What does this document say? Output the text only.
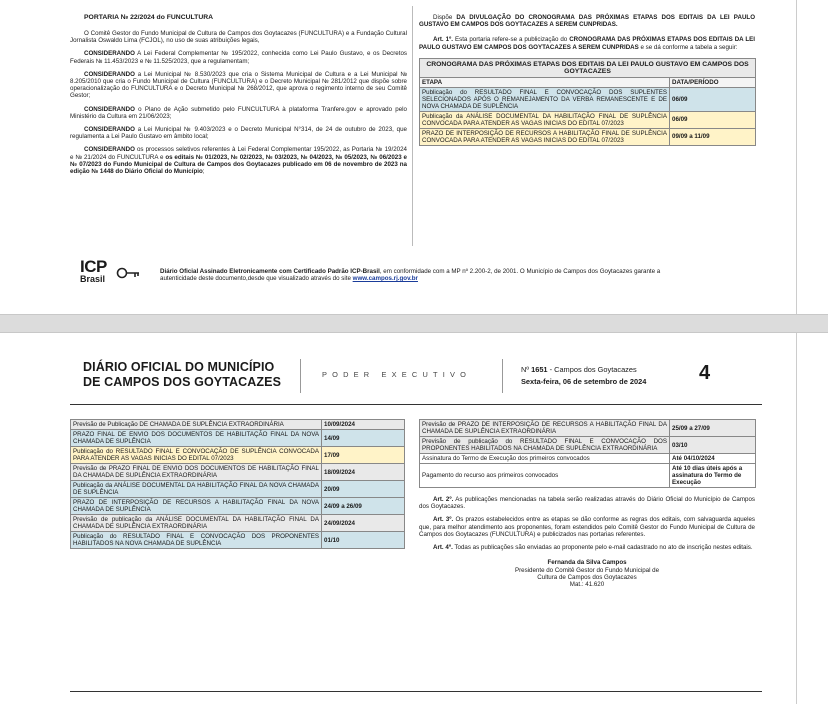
PORTARIA № 22/2024 do FUNCULTURA

O Comitê Gestor do Fundo Municipal de Cultura de Campos dos Goytacazes (FUNCULTURA) e a Fundação Cultural Jornalista Oswaldo Lima (FCJOL), no uso de suas atribuições legais,

CONSIDERANDO A Lei Federal Complementar № 195/2022, conhecida como Lei Paulo Gustavo, e os Decretos Federais № 11.453/2023 e № 11.525/2023, que a regulamentam;

CONSIDERANDO a Lei Municipal № 8.530/2023 que cria o Sistema Municipal de Cultura e a Lei Municipal № 8.205/2010 que cria o Fundo Municipal de Cultura (FUNCULTURA) e o Decreto Municipal № 281/2012 que dispõe sobre operacionalização do FUNCULTURA e o Decreto Municipal № 268/2012, que aprova o regimento interno de seu Comitê Gestor;

CONSIDERANDO o Plano de Ação submetido pelo FUNCULTURA à plataforma Tranfere.gov e aprovado pelo Ministério da Cultura em 21/06/2023;

CONSIDERANDO a Lei Municipal № 9.403/2023 e o Decreto Municipal N°314, de 24 de outubro de 2023, que regulamenta a Lei Paulo Gustavo em âmbito local;

CONSIDERANDO os processos seletivos referentes à Lei Federal Complementar 195/2022, as Portaria № 19/2024 e № 21/2024 do FUNCULTURA e os editais № 01/2023, № 02/2023, № 03/2023, № 04/2023, № 05/2023, № 06/2023 e № 07/2023 do Fundo Municipal de Cultura de Campos dos Goytacazes publicado em 06 de novembro de 2023 na edição № 1448 do Diário Oficial do Município;

Dispõe DA DIVULGAÇÃO DO CRONOGRAMA DAS PRÓXIMAS ETAPAS DOS EDITAIS DA LEI PAULO GUSTAVO EM CAMPOS DOS GOYTACAZES A SEREM CUNPRIDAS.

Art. 1º. Esta portaria refere-se a publicização do CRONOGRAMA DAS PRÓXIMAS ETAPAS DOS EDITAIS DA LEI PAULO GUSTAVO EM CAMPOS DOS GOYTACAZES A SEREM CUNPRIDAS e se dá conforme a tabela a seguir:

CRONOGRAMA DAS PRÓXIMAS ETAPAS DOS EDITAIS DA LEI PAULO GUSTAVO EM CAMPOS DOS GOYTACAZES	
ETAPA	DATA/PERÍODO
Publicação do RESULTADO FINAL E CONVOCAÇÃO DOS SUPLENTES SELECIONADOS APÓS O REMANEJAMENTO DA VERBA REMANESCENTE E DE NOVA CHAMADA DE SUPLÊNCIA	06/09
Publicação da ANÁLISE DOCUMENTAL DA HABILITAÇÃO FINAL DE SUPLÊNCIA CONVOCADA PARA ATENDER AS VAGAS INICIAS DO EDITAL 07/2023	06/09
PRAZO DE INTERPOSIÇÃO DE RECURSOS A HABILITAÇÃO FINAL DE SUPLÊNCIA CONVOCADA PARA ATENDER AS VAGAS INICIAS DO EDITAL 07/2023	09/09 a 11/09
ICP
Brasil

Diário Oficial Assinado Eletronicamente com Certificado Padrão ICP-Brasil, em conformidade com a MP nº 2.200-2, de 2001. O Município de Campos dos Goytacazes garante a autenticidade deste documento,desde que visualizado através do site www.campos.rj.gov.br

DIÁRIO OFICIAL DO MUNICÍPIO
DE CAMPOS DOS GOYTACAZES
PODER EXECUTIVO
Nº 1651 - Campos dos Goytacazes
Sexta-feira, 06 de setembro de 2024	4
Previsão de Publicação DE CHAMADA DE SUPLÊNCIA EXTRAORDINÁRIA	10/09/2024
PRAZO FINAL DE ENVIO DOS DOCUMENTOS DE HABILITAÇÃO FINAL DA NOVA CHAMADA DE SUPLÊNCIA	14/09
Publicação do RESULTADO FINAL E CONVOCAÇÃO DE SUPLÊNCIA CONVOCADA PARA ATENDER AS VAGAS INICIAS DO EDITAL 07/2023	17/09
Previsão de PRAZO FINAL DE ENVIO DOS DOCUMENTOS DE HABILITAÇÃO FINAL DA CHAMADA DE SUPLÊNCIA EXTRAORDINÁRIA	18/09/2024
Publicação da ANÁLISE DOCUMENTAL DA HABILITAÇÃO FINAL DA NOVA CHAMADA DE SUPLÊNCIA	20/09
PRAZO DE INTERPOSIÇÃO DE RECURSOS A HABILITAÇÃO FINAL DA NOVA CHAMADA DE SUPLÊNCIA	24/09 a 26/09
Previsão de publicação da ANÁLISE DOCUMENTAL DA HABILITAÇÃO FINAL DA CHAMADA DE SUPLÊNCIA EXTRAORDINÁRIA	24/09/2024
Publicação do RESULTADO FINAL E CONVOCAÇÃO DOS PROPONENTES HABILITADOS NA NOVA CHAMADA DE SUPLÊNCIA	01/10
Previsão de PRAZO DE INTERPOSIÇÃO DE RECURSOS A HABILITAÇÃO FINAL DA CHAMADA DE SUPLÊNCIA EXTRAORDINÁRIA	25/09 a 27/09
Previsão de publicação do RESULTADO FINAL E CONVOCAÇÃO DOS PROPONENTES HABILITADOS NA CHAMADA DE SUPLÊNCIA EXTRAORDINÁRIA	03/10
Assinatura do Termo de Execução dos primeiros convocados	Até 04/10/2024
Pagamento do recurso aos primeiros convocados	Até 10 dias úteis após a assinatura do Termo de Execução

Art. 2º. As publicações mencionadas na tabela serão realizadas através do Diário Oficial do Município de Campos dos Goytacazes.

Art. 3º. Os prazos estabelecidos entre as etapas se dão conforme as regras dos editais, com salvaguarda aqueles que, para melhor atendimento aos proponentes, foram estendidos pelo Comitê Gestor do Fundo Municipal de Cultura de Campos dos Goytacazes (FUNCULTURA) e publicizados nas portarias referentes.

Art. 4º. Todas as publicações são enviadas ao proponente pelo e-mail cadastrado no ato de inscrição nestes editais.

Fernanda da Silva Campos
Presidente do Comitê Gestor do Fundo Municipal de
Cultura de Campos dos Goytacazes
Mat.: 41.620
